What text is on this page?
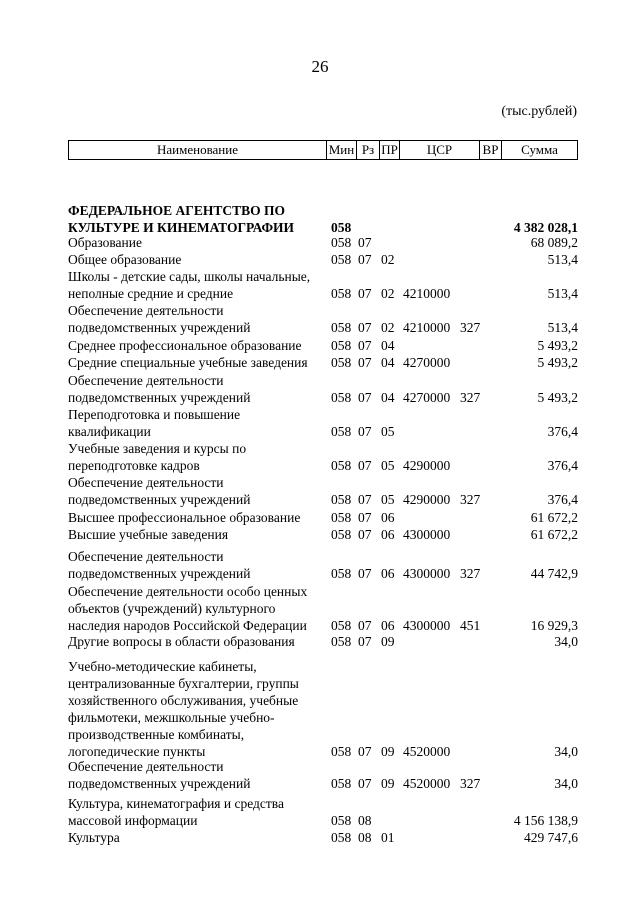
26
(тыс.рублей)
Наименование	Мин Рз ПР	ЦСР	ВР	Сумма
ФЕДЕРАЛЬНОЕ АГЕНТСТВО ПО
КУЛЬТУРЕ И КИНЕМАТОГРАФИИ	058	4 382 028,1
Образование	058 07	68 089,2
Общее образование	058 07 02	513,4
Школы - детские сады, школы начальные,
неполные средние и средние	058 07 02 4210000	513,4
Обеспечение деятельности
подведомственных учреждений	058 07 02 4210000 327	513,4
Среднее профессиональное образование	058 07 04	5 493,2
Средние специальные учебные заведения	058 07 04 4270000	5 493,2
Обеспечение деятельности
подведомственных учреждений	058 07 04 4270000 327	5 493,2
Переподготовка и повышение
квалификации	058 07 05	376,4
Учебные заведения и курсы по
переподготовке кадров	058 07 05 4290000	376,4
Обеспечение деятельности
подведомственных учреждений	058 07 05 4290000 327	376,4
Высшее профессиональное образование	058 07 06	61 672,2
Высшие учебные заведения	058 07 06 4300000	61 672,2
Обеспечение деятельности
подведомственных учреждений	058 07 06 4300000 327	44 742,9
Обеспечение деятельности особо ценных
объектов (учреждений) культурного
наследия народов Российской Федерации	058 07 06 4300000 451	16 929,3
Другие вопросы в области образования	058 07 09	34,0
Учебно-методические кабинеты,
централизованные бухгалтерии, группы
хозяйственного обслуживания, учебные
фильмотеки, межшкольные учебно-
производственные комбинаты,
логопедические пункты	058 07 09 4520000	34,0
Обеспечение деятельности
подведомственных учреждений	058 07 09 4520000 327	34,0
Культура, кинематография и средства
массовой информации	058 08	4 156 138,9
Культура	058 08 01	429 747,6
